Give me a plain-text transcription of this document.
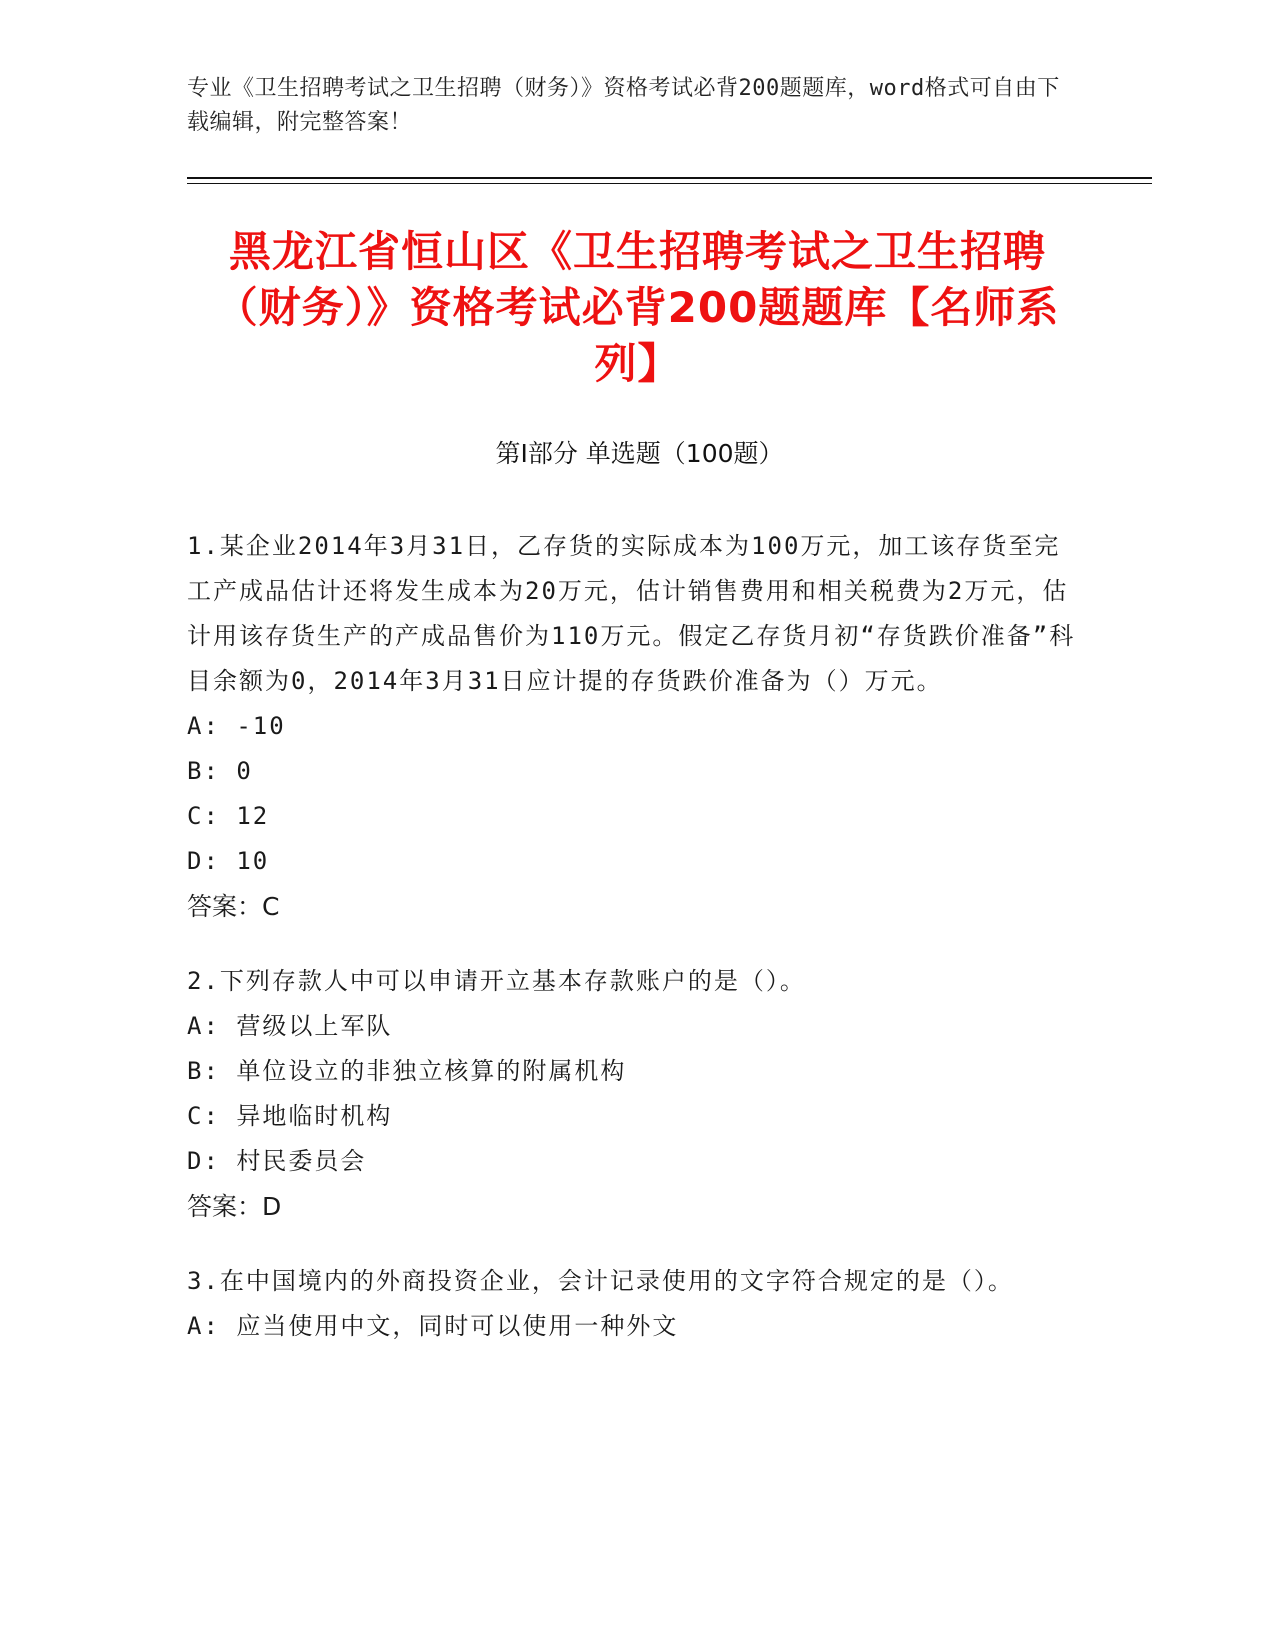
专业《卫生招聘考试之卫生招聘（财务）》资格考试必背200题题库，word格式可自由下载编辑，附完整答案！
黑龙江省恒山区《卫生招聘考试之卫生招聘（财务）》资格考试必背200题题库【名师系列】
第I部分 单选题（100题）

1.某企业2014年3月31日，乙存货的实际成本为100万元，加工该存货至完工产成品估计还将发生成本为20万元，估计销售费用和相关税费为2万元，估计用该存货生产的产成品售价为110万元。假定乙存货月初“存货跌价准备”科目余额为0，2014年3月31日应计提的存货跌价准备为（）万元。

A: -10

B: 0

C: 12

D: 10

答案：C

2.下列存款人中可以申请开立基本存款账户的是（）。

A: 营级以上军队

B: 单位设立的非独立核算的附属机构

C: 异地临时机构

D: 村民委员会

答案：D

3.在中国境内的外商投资企业，会计记录使用的文字符合规定的是（）。

A: 应当使用中文，同时可以使用一种外文
